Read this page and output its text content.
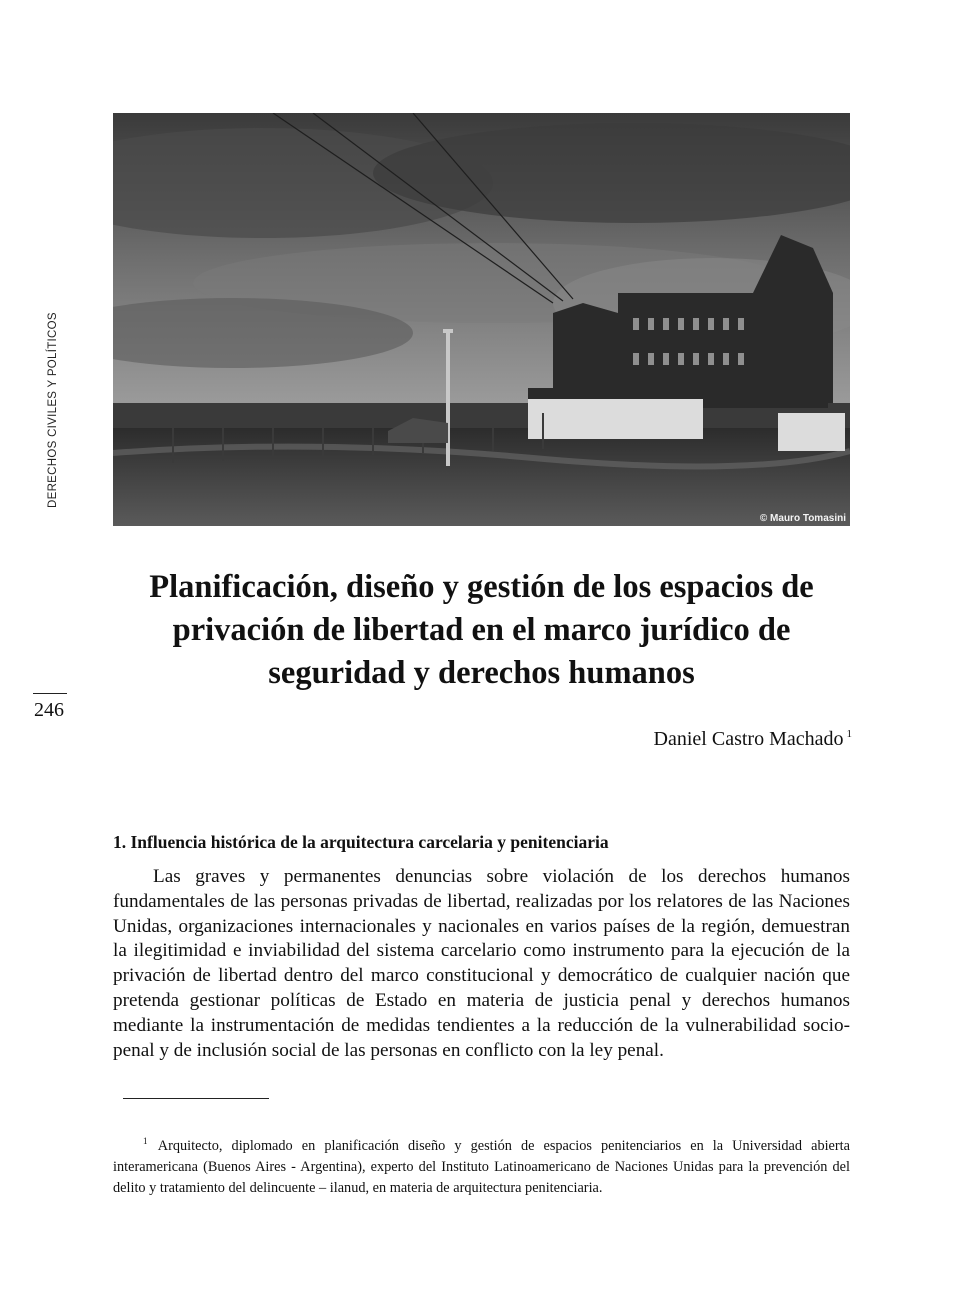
DERECHOS CIVILES Y POLÍTICOS
246
© Mauro Tomasini
Planificación, diseño y gestión de los espacios de privación de libertad en el marco jurídico de seguridad y derechos humanos
Daniel Castro Machado $^1$
1. Influencia histórica de la arquitectura carcelaria y penitenciaria

Las graves y permanentes denuncias sobre violación de los derechos humanos fundamentales de las personas privadas de libertad, realizadas por los relatores de las Naciones Unidas, organizaciones internacionales y nacionales en varios países de la región, demuestran la ilegitimidad e inviabilidad del sistema carcelario como instrumento para la ejecución de la privación de libertad dentro del marco constitucional y democrático de cualquier nación que pretenda gestionar políticas de Estado en materia de justicia penal y derechos humanos mediante la instrumentación de medidas tendientes a la reducción de la vulnerabilidad socio-penal y de inclusión social de las personas en conflicto con la ley penal.

$^1$ Arquitecto, diplomado en planificación diseño y gestión de espacios penitenciarios en la Universidad abierta interamericana (Buenos Aires - Argentina), experto del Instituto Latinoamericano de Naciones Unidas para la prevención del delito y tratamiento del delincuente – ilanud, en materia de arquitectura penitenciaria.
